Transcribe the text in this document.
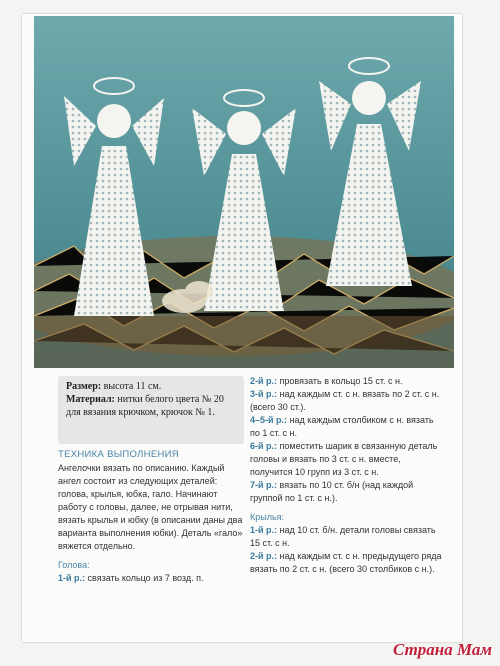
Размер: высота 11 см.

Материал: нитки белого цвета № 20 для вязания крючком, крючок № 1.

ТЕХНИКА ВЫПОЛНЕНИЯ

Ангелочки вязать по описанию. Каждый ангел состоит из следующих деталей: голова, крылья, юбка, гало. Начинают работу с головы, далее, не отрывая нити, вязать крылья и юбку (в описании даны два варианта выполнения юбки). Деталь «гало» вяжется отдельно.

Голова:

1-й р.: связать кольцо из 7 возд. п.

2-й р.: провязать в кольцо 15 ст. с н.

3-й р.: над каждым ст. с н. вязать по 2 ст. с н. (всего 30 ст.).

4–5-й р.: над каждым столбиком с н. вязать по 1 ст. с н.

6-й р.: поместить шарик в связанную деталь головы и вязать по 3 ст. с н. вместе, получится 10 групп из 3 ст. с н.

7-й р.: вязать по 10 ст. б/н (над каждой группой по 1 ст. с н.).

Крылья:

1-й р.: над 10 ст. б/н. детали головы связать 15 ст. с н.

2-й р.: над каждым ст. с н. предыдущего ряда вязать по 2 ст. с н. (всего 30 столбиков с н.).

Страна Мам
